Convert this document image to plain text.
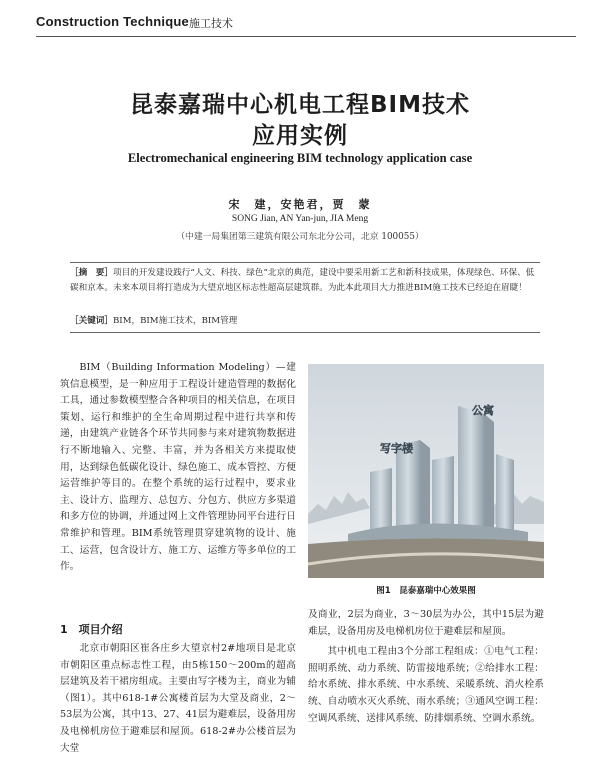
Construction Technique 施工技术
昆泰嘉瑞中心机电工程BIM技术
应用实例
Electromechanical engineering BIM technology application case
宋　建，安艳君，贾　蒙
SONG Jian, AN Yan-jun, JIA Meng
（中建一局集团第三建筑有限公司东北分公司，北京 100055）
［摘　要］项目的开发建设践行“人文、科技、绿色”北京的典范，建设中要采用新工艺和新科技成果，体现绿色、环保、低碳和京本。未来本项目将打造成为大望京地区标志性超高层建筑群。为此本此项目大力推进BIM施工技术已经迫在眉睫！
［关键词］BIM，BIM施工技术，BIM管理

BIM（Building Information Modeling）—建筑信息模型，是一种应用于工程设计建造管理的数据化工具，通过参数模型整合各种项目的相关信息，在项目策划、运行和维护的全生命周期过程中进行共享和传递，由建筑产业链各个环节共同参与来对建筑物数据进行不断地输入、完整、丰富，并为各相关方来提取使用，达到绿色低碳化设计、绿色施工、成本管控、方便运营维护等目的。在整个系统的运行过程中，要求业主、设计方、监理方、总包方、分包方、供应方多渠道和多方位的协调，并通过网上文件管理协同平台进行日常维护和管理。BIM系统管理贯穿建筑物的设计、施工、运营，包含设计方、施工方、运维方等多单位的工作。

1　项目介绍

北京市朝阳区崔各庄乡大望京村2#地项目是北京市朝阳区重点标志性工程，由5栋150～200m的超高层建筑及若干裙房组成。主要由写字楼为主，商业为辅（图1）。其中618-1#公寓楼首层为大堂及商业，2～53层为公寓，其中13、27、41层为避难层，设备用房及电梯机房位于避难层和屋顶。618-2#办公楼首层为大堂

公寓
写字楼
图1　昆泰嘉瑞中心效果图

及商业，2层为商业，3～30层为办公，其中15层为避难层，设备用房及电梯机房位于避难层和屋顶。

其中机电工程由3个分部工程组成：①电气工程：照明系统、动力系统、防雷接地系统；②给排水工程：给水系统、排水系统、中水系统、采暖系统、消火栓系统、自动喷水灭火系统、雨水系统；③通风空调工程：空调风系统、送排风系统、防排烟系统、空调水系统。
